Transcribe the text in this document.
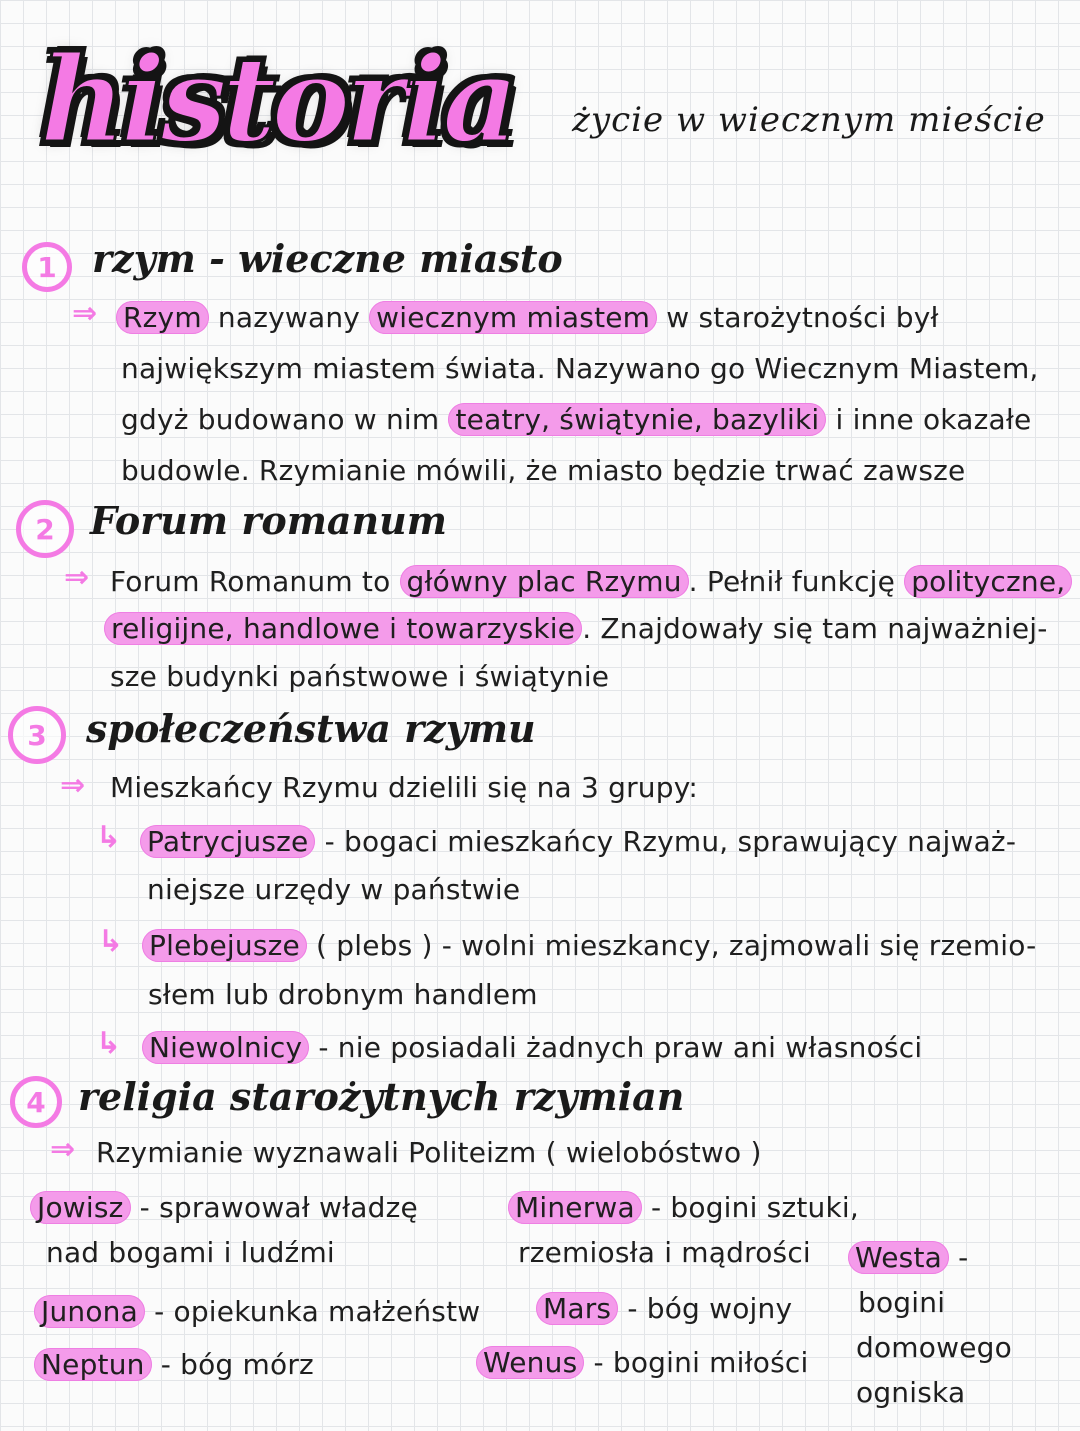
historia życie w wiecznym mieście
1 rzym - wieczne miasto
⇒ Rzym nazywany wiecznym miastem w starożytności był
największym miastem świata. Nazywano go Wiecznym Miastem,
gdyż budowano w nim teatry, świątynie, bazyliki i inne okazałe
budowle. Rzymianie mówili, że miasto będzie trwać zawsze
2 Forum romanum
⇒ Forum Romanum to główny plac Rzymu . Pełnił funkcję polityczne,
religijne, handlowe i towarzyskie . Znajdowały się tam najważniej-
sze budynki państwowe i świątynie
3	społeczeństwa rzymu
⇒ Mieszkańcy Rzymu dzielili się na 3 grupy:
↳ Patrycjusze - bogaci mieszkańcy Rzymu, sprawujący najważ-
niejsze urzędy w państwie
↳ Plebejusze ( plebs ) - wolni mieszkancy, zajmowali się rzemio-
słem lub drobnym handlem
↳ Niewolnicy - nie posiadali żadnych praw ani własności
4 religia starożytnych rzymian
⇒ Rzymianie wyznawali Politeizm ( wielobóstwo )
Jowisz - sprawował władzę
nad bogami i ludźmi
Junona - opiekunka małżeństw
Neptun - bóg mórz
Minerwa - bogini sztuki,
rzemiosła i mądrości
Mars - bóg wojny
Wenus - bogini miłości
Westa -
bogini
domowego
ogniska
